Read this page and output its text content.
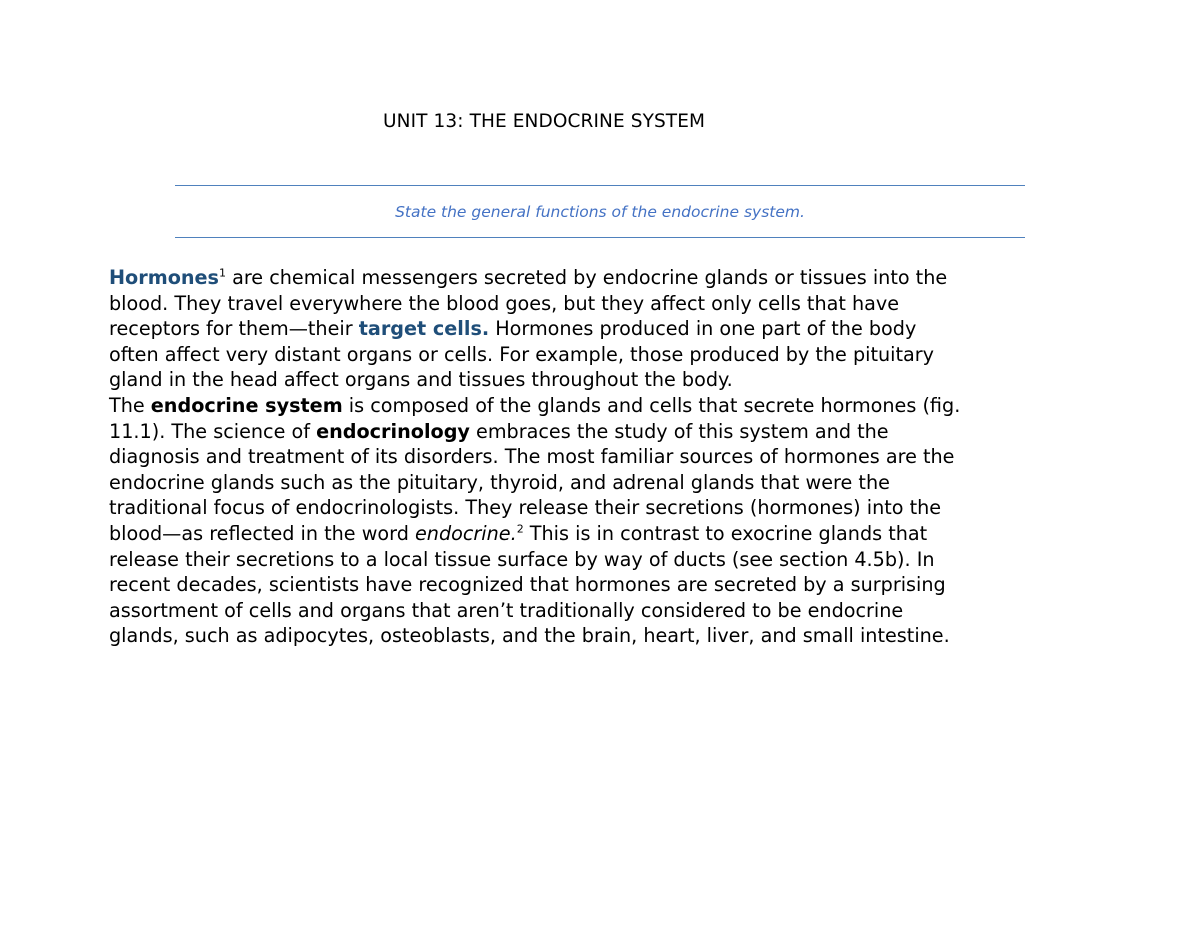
UNIT 13: THE ENDOCRINE SYSTEM
State the general functions of the endocrine system.

Hormones$^1$ are chemical messengers secreted by endocrine glands or tissues into the
blood. They travel everywhere the blood goes, but they affect only cells that have
receptors for them—their target cells. Hormones produced in one part of the body
often affect very distant organs or cells. For example, those produced by the pituitary
gland in the head affect organs and tissues throughout the body.

The endocrine system is composed of the glands and cells that secrete hormones (fig.
11.1). The science of endocrinology embraces the study of this system and the
diagnosis and treatment of its disorders. The most familiar sources of hormones are the
endocrine glands such as the pituitary, thyroid, and adrenal glands that were the
traditional focus of endocrinologists. They release their secretions (hormones) into the
blood—as reflected in the word endocrine.$^2$ This is in contrast to exocrine glands that
release their secretions to a local tissue surface by way of ducts (see section 4.5b). In
recent decades, scientists have recognized that hormones are secreted by a surprising
assortment of cells and organs that aren’t traditionally considered to be endocrine
glands, such as adipocytes, osteoblasts, and the brain, heart, liver, and small intestine.
